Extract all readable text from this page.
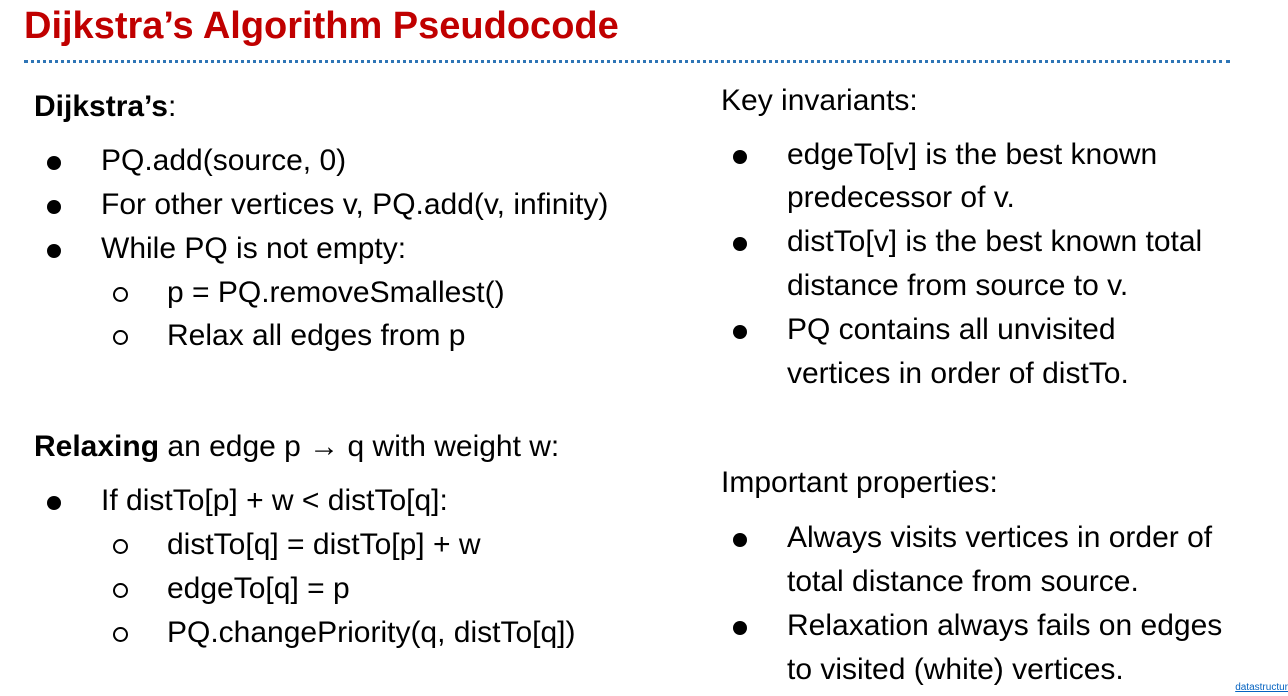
Dijkstra’s Algorithm Pseudocode
Dijkstra’s:
PQ.add(source, 0)
For other vertices v, PQ.add(v, infinity)
While PQ is not empty:
p = PQ.removeSmallest()
Relax all edges from p
Relaxing an edge p → q with weight w:
If distTo[p] + w < distTo[q]:
distTo[q] = distTo[p] + w
edgeTo[q] = p
PQ.changePriority(q, distTo[q])
Key invariants:
edgeTo[v] is the best known
predecessor of v.
distTo[v] is the best known total
distance from source to v.
PQ contains all unvisited
vertices in order of distTo.
Important properties:
Always visits vertices in order of
total distance from source.
Relaxation always fails on edges
to visited (white) vertices.
datastructur
